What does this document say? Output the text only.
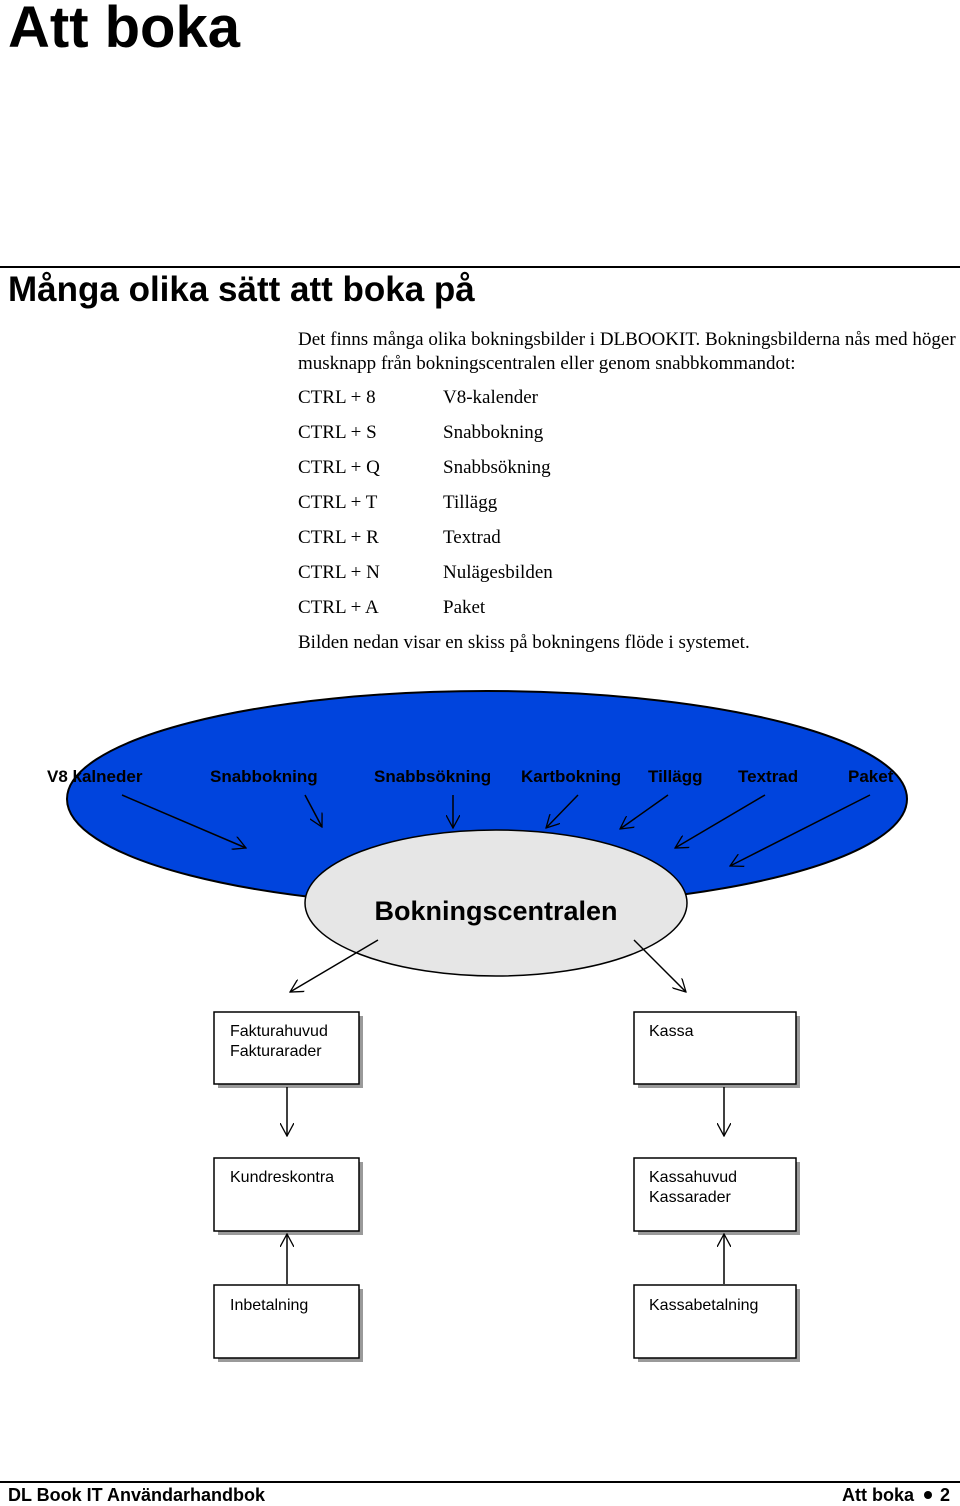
Att boka
Många olika sätt att boka på
Det finns många olika bokningsbilder i DLBOOKIT. Bokningsbilderna nås med höger musknapp från bokningscentralen eller genom snabbkommandot:
CTRL + 8	V8-kalender
CTRL + S	Snabbokning
CTRL + Q	Snabbsökning
CTRL + T	Tillägg
CTRL + R	Textrad
CTRL + N	Nulägesbilden
CTRL + A	Paket
Bilden nedan visar en skiss på bokningens flöde i systemet.
V8 kalneder	Snabbokning	Snabbsökning Kartbokning Tillägg Textrad	Paket
Bokningscentralen
Fakturahuvud
Fakturarader
Kassa
Kundreskontra	Kassahuvud
Kassarader
Inbetalning	Kassabetalning
DL Book IT Användarhandbok	Att boka 2
